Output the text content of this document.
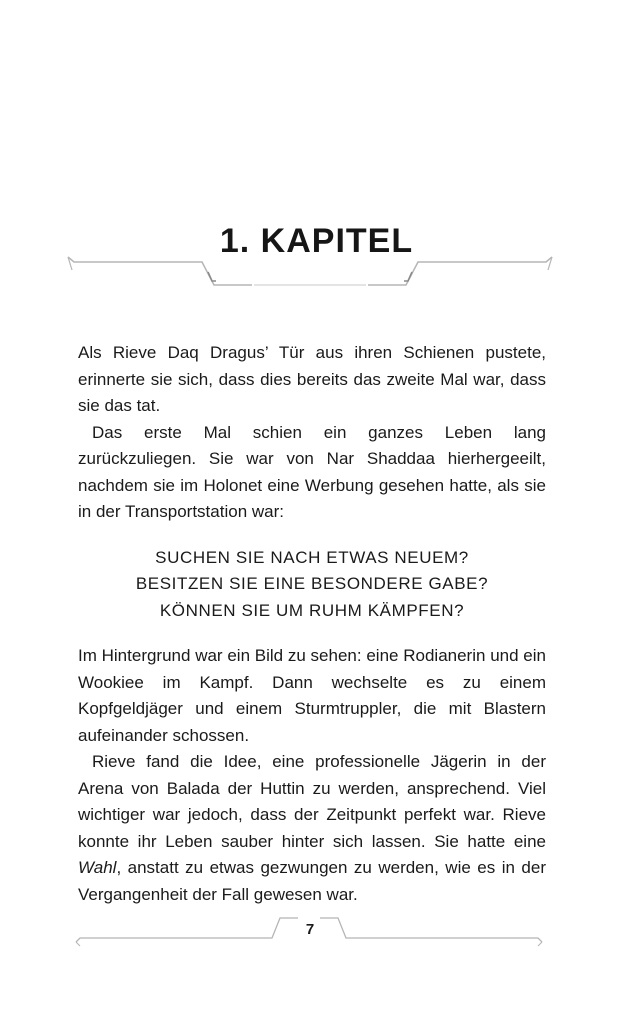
1. KAPITEL

Als Rieve Daq Dragus’ Tür aus ihren Schienen pustete, erinnerte sie sich, dass dies bereits das zweite Mal war, dass sie das tat.

Das erste Mal schien ein ganzes Leben lang zurückzuliegen. Sie war von Nar Shaddaa hierhergeeilt, nachdem sie im Holonet eine Werbung gesehen hatte, als sie in der Transportstation war:

SUCHEN SIE NACH ETWAS NEUEM?
BESITZEN SIE EINE BESONDERE GABE?
KÖNNEN SIE UM RUHM KÄMPFEN?

Im Hintergrund war ein Bild zu sehen: eine Rodianerin und ein Wookiee im Kampf. Dann wechselte es zu einem Kopfgeldjäger und einem Sturmtruppler, die mit Blastern aufeinander schossen.

Rieve fand die Idee, eine professionelle Jägerin in der Arena von Balada der Huttin zu werden, ansprechend. Viel wichtiger war jedoch, dass der Zeitpunkt perfekt war. Rieve konnte ihr Leben sauber hinter sich lassen. Sie hatte eine Wahl, anstatt zu etwas gezwungen zu werden, wie es in der Vergangenheit der Fall gewesen war.

7
